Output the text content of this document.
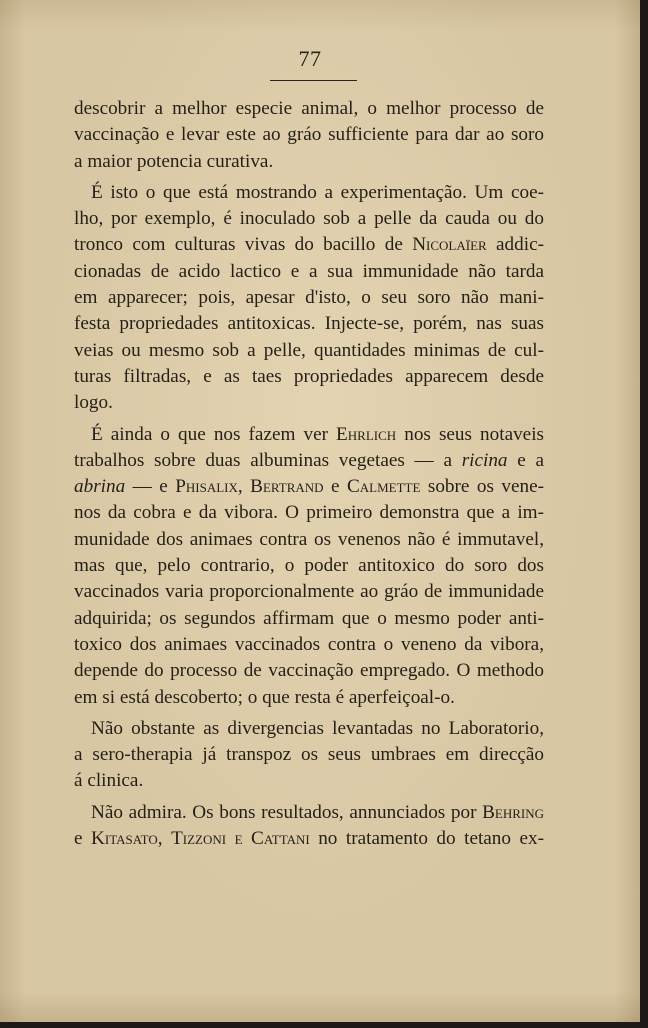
77

descobrir a melhor especie animal, o melhor processo de
vaccinação e levar este ao gráo sufficiente para dar ao soro
a maior potencia curativa.

É isto o que está mostrando a experimentação. Um coe-
lho, por exemplo, é inoculado sob a pelle da cauda ou do
tronco com culturas vivas do bacillo de Nicolaïer addic-
cionadas de acido lactico e a sua immunidade não tarda
em apparecer; pois, apesar d'isto, o seu soro não mani-
festa propriedades antitoxicas. Injecte-se, porém, nas suas
veias ou mesmo sob a pelle, quantidades minimas de cul-
turas filtradas, e as taes propriedades apparecem desde
logo.

É ainda o que nos fazem ver Ehrlich nos seus notaveis
trabalhos sobre duas albuminas vegetaes — a ricina e a
abrina — e Phisalix, Bertrand e Calmette sobre os vene-
nos da cobra e da vibora. O primeiro demonstra que a im-
munidade dos animaes contra os venenos não é immutavel,
mas que, pelo contrario, o poder antitoxico do soro dos
vaccinados varia proporcionalmente ao gráo de immunidade
adquirida; os segundos affirmam que o mesmo poder anti-
toxico dos animaes vaccinados contra o veneno da vibora,
depende do processo de vaccinação empregado. O methodo
em si está descoberto; o que resta é aperfeiçoal-o.

Não obstante as divergencias levantadas no Laboratorio,
a sero-therapia já transpoz os seus umbraes em direcção
á clinica.

Não admira. Os bons resultados, annunciados por Behring
e Kitasato, Tizzoni e Cattani no tratamento do tetano ex-
